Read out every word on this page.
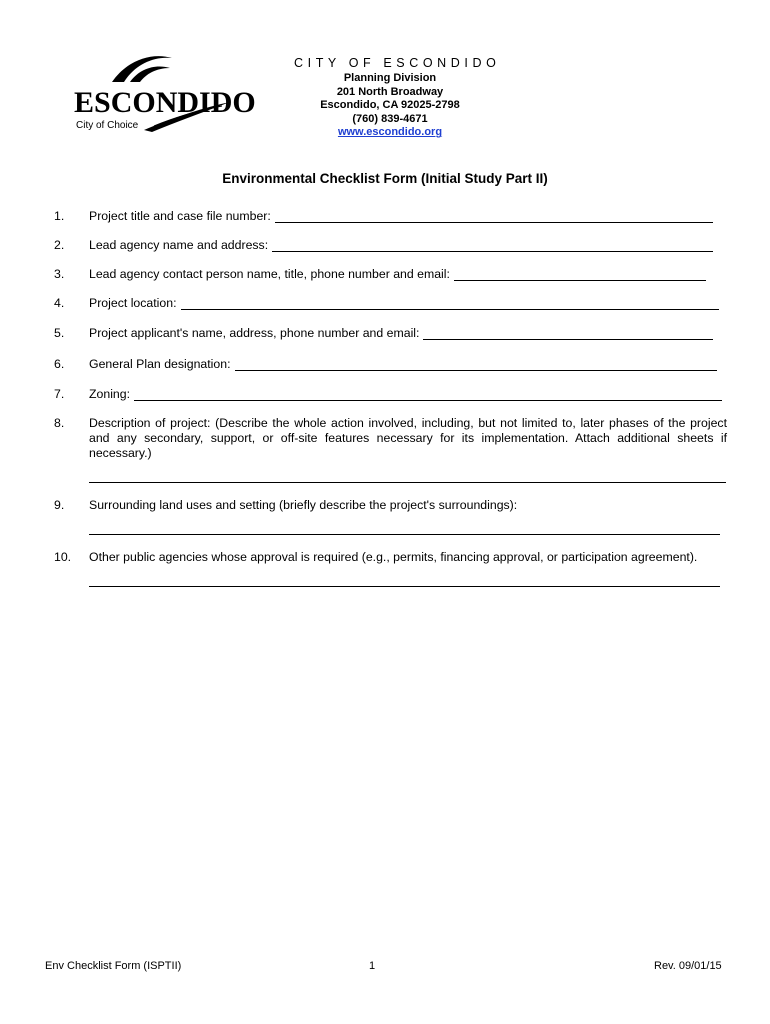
ESCONDIDO
City of Choice
CITY OF ESCONDIDO
Planning Division
201 North Broadway
Escondido, CA 92025-2798
(760) 839-4671
www.escondido.org
Environmental Checklist Form (Initial Study Part II)
1. Project title and case file number:
2. Lead agency name and address:
3. Lead agency contact person name, title, phone number and email:
4. Project location:
5. Project applicant's name, address, phone number and email:
6. General Plan designation:
7. Zoning:
8. Description of project: (Describe the whole action involved, including, but not limited to, later phases of the project and any secondary, support, or off-site features necessary for its implementation. Attach additional sheets if necessary.)
9. Surrounding land uses and setting (briefly describe the project's surroundings):
10. Other public agencies whose approval is required (e.g., permits, financing approval, or participation agreement).
Env Checklist Form (ISPTII)	1	Rev. 09/01/15
